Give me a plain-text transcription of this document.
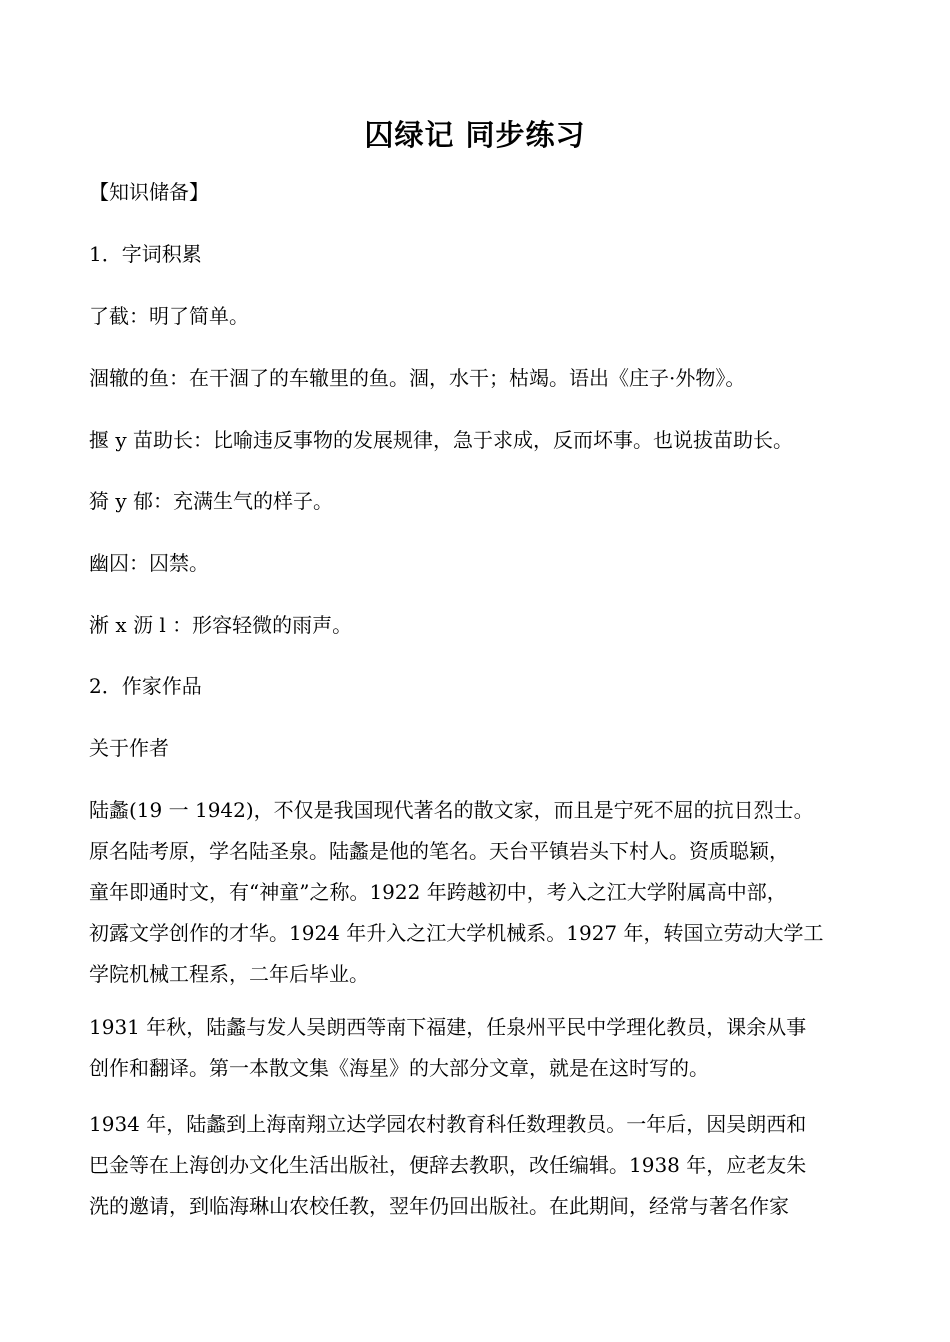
囚绿记 同步练习
【知识储备】
1．字词积累
了截：明了简单。
涸辙的鱼：在干涸了的车辙里的鱼。涸，水干；枯竭。语出《庄子·外物》。
揠 y 苗助长：比喻违反事物的发展规律，急于求成，反而坏事。也说拔苗助长。
猗 y 郁：充满生气的样子。
幽囚：囚禁。
淅 x 沥 l ：形容轻微的雨声。
2．作家作品
关于作者
陆蠡(19 一 1942)，不仅是我国现代著名的散文家，而且是宁死不屈的抗日烈士。
原名陆考原，学名陆圣泉。陆蠡是他的笔名。天台平镇岩头下村人。资质聪颖，
童年即通时文，有“神童”之称。1922 年跨越初中，考入之江大学附属高中部，
初露文学创作的才华。1924 年升入之江大学机械系。1927 年，转国立劳动大学工
学院机械工程系，二年后毕业。
1931 年秋，陆蠡与发人吴朗西等南下福建，任泉州平民中学理化教员，课余从事
创作和翻译。第一本散文集《海星》的大部分文章，就是在这时写的。
1934 年，陆蠡到上海南翔立达学园农村教育科任数理教员。一年后，因吴朗西和
巴金等在上海创办文化生活出版社，便辞去教职，改任编辑。1938 年，应老友朱
洗的邀请，到临海琳山农校任教，翌年仍回出版社。在此期间，经常与著名作家
